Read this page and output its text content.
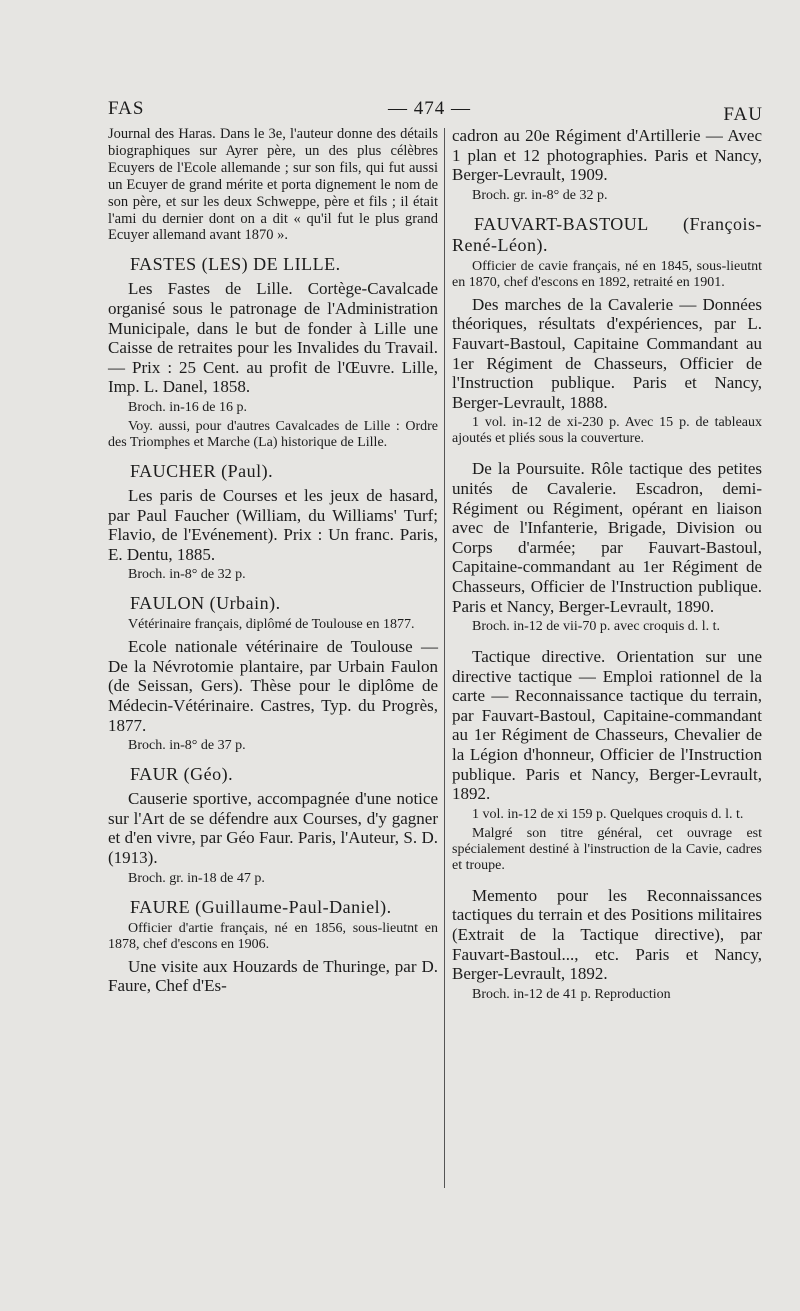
FAS	— 474 —	FAU

Journal des Haras. Dans le 3e, l'auteur donne des détails biographiques sur Ayrer père, un des plus célèbres Ecuyers de l'Ecole allemande ; sur son fils, qui fut aussi un Ecuyer de grand mérite et porta dignement le nom de son père, et sur les deux Schweppe, père et fils ; il était l'ami du dernier dont on a dit « qu'il fut le plus grand Ecuyer allemand avant 1870 ».

FASTES (LES) DE LILLE.

Les Fastes de Lille. Cortège-Cavalcade organisé sous le patronage de l'Administration Municipale, dans le but de fonder à Lille une Caisse de retraites pour les Invalides du Travail. — Prix : 25 Cent. au profit de l'Œuvre. Lille, Imp. L. Danel, 1858.

Broch. in-16 de 16 p.

Voy. aussi, pour d'autres Cavalcades de Lille : Ordre des Triomphes et Marche (La) historique de Lille.

FAUCHER (Paul).

Les paris de Courses et les jeux de hasard, par Paul Faucher (William, du Williams' Turf; Flavio, de l'Evénement). Prix : Un franc. Paris, E. Dentu, 1885.

Broch. in-8° de 32 p.

FAULON (Urbain).

Vétérinaire français, diplômé de Toulouse en 1877.

Ecole nationale vétérinaire de Toulouse — De la Névrotomie plantaire, par Urbain Faulon (de Seissan, Gers). Thèse pour le diplôme de Médecin-Vétérinaire. Castres, Typ. du Progrès, 1877.

Broch. in-8° de 37 p.

FAUR (Géo).

Causerie sportive, accompagnée d'une notice sur l'Art de se défendre aux Courses, d'y gagner et d'en vivre, par Géo Faur. Paris, l'Auteur, S. D. (1913).

Broch. gr. in-18 de 47 p.

FAURE (Guillaume-Paul-Daniel).

Officier d'artie français, né en 1856, sous-lieutnt en 1878, chef d'escons en 1906.

Une visite aux Houzards de Thuringe, par D. Faure, Chef d'Es-

cadron au 20e Régiment d'Artillerie — Avec 1 plan et 12 photographies. Paris et Nancy, Berger-Levrault, 1909.

Broch. gr. in-8° de 32 p.

FAUVART-BASTOUL (François-René-Léon).

Officier de cavie français, né en 1845, sous-lieutnt en 1870, chef d'escons en 1892, retraité en 1901.

Des marches de la Cavalerie — Données théoriques, résultats d'expériences, par L. Fauvart-Bastoul, Capitaine Commandant au 1er Régiment de Chasseurs, Officier de l'Instruction publique. Paris et Nancy, Berger-Levrault, 1888.

1 vol. in-12 de xi-230 p. Avec 15 p. de tableaux ajoutés et pliés sous la couverture.

De la Poursuite. Rôle tactique des petites unités de Cavalerie. Escadron, demi-Régiment ou Régiment, opérant en liaison avec de l'Infanterie, Brigade, Division ou Corps d'armée; par Fauvart-Bastoul, Capitaine-commandant au 1er Régiment de Chasseurs, Officier de l'Instruction publique. Paris et Nancy, Berger-Levrault, 1890.

Broch. in-12 de vii-70 p. avec croquis d. l. t.

Tactique directive. Orientation sur une directive tactique — Emploi rationnel de la carte — Reconnaissance tactique du terrain, par Fauvart-Bastoul, Capitaine-commandant au 1er Régiment de Chasseurs, Chevalier de la Légion d'honneur, Officier de l'Instruction publique. Paris et Nancy, Berger-Levrault, 1892.

1 vol. in-12 de xi 159 p. Quelques croquis d. l. t.

Malgré son titre général, cet ouvrage est spécialement destiné à l'instruction de la Cavie, cadres et troupe.

Memento pour les Reconnaissances tactiques du terrain et des Positions militaires (Extrait de la Tactique directive), par Fauvart-Bastoul..., etc. Paris et Nancy, Berger-Levrault, 1892.

Broch. in-12 de 41 p. Reproduction
